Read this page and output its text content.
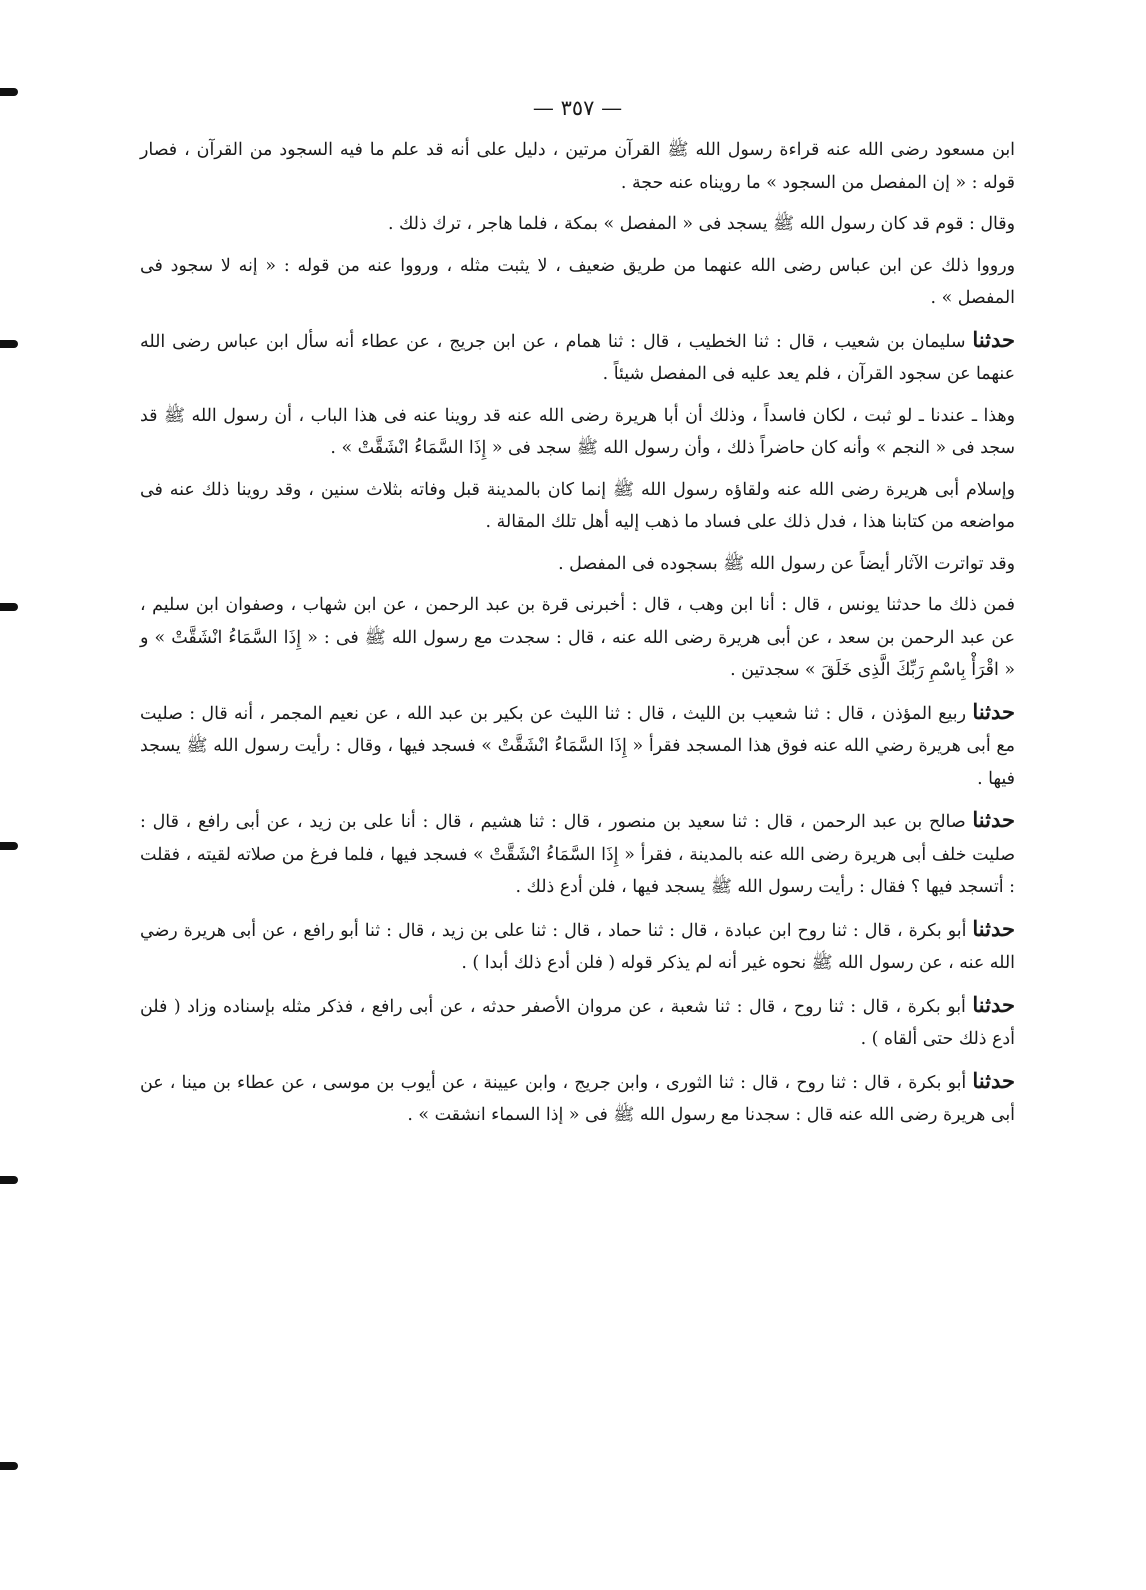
— ٣٥٧ —

ابن مسعود رضى الله عنه قراءة رسول الله ﷺ القرآن مرتين ، دليل على أنه قد علم ما فيه السجود من القرآن ، فصار قوله : « إن المفصل من السجود » ما رويناه عنه حجة .

وقال : قوم قد كان رسول الله ﷺ يسجد فى « المفصل » بمكة ، فلما هاجر ، ترك ذلك .

ورووا ذلك عن ابن عباس رضى الله عنهما من طريق ضعيف ، لا يثبت مثله ، ورووا عنه من قوله : « إنه لا سجود فى المفصل » .

حدثنا سليمان بن شعيب ، قال : ثنا الخطيب ، قال : ثنا همام ، عن ابن جريج ، عن عطاء أنه سأل ابن عباس رضى الله عنهما عن سجود القرآن ، فلم يعد عليه فى المفصل شيئاً .

وهذا ـ عندنا ـ لو ثبت ، لكان فاسداً ، وذلك أن أبا هريرة رضى الله عنه قد روينا عنه فى هذا الباب ، أن رسول الله ﷺ قد سجد فى « النجم » وأنه كان حاضراً ذلك ، وأن رسول الله ﷺ سجد فى « إِذَا السَّمَاءُ انْشَقَّتْ » .

وإسلام أبى هريرة رضى الله عنه ولقاؤه رسول الله ﷺ إنما كان بالمدينة قبل وفاته بثلاث سنين ، وقد روينا ذلك عنه فى مواضعه من كتابنا هذا ، فدل ذلك على فساد ما ذهب إليه أهل تلك المقالة .

وقد تواترت الآثار أيضاً عن رسول الله ﷺ بسجوده فى المفصل .

فمن ذلك ما حدثنا يونس ، قال : أنا ابن وهب ، قال : أخبرنى قرة بن عبد الرحمن ، عن ابن شهاب ، وصفوان ابن سليم ، عن عبد الرحمن بن سعد ، عن أبى هريرة رضى الله عنه ، قال : سجدت مع رسول الله ﷺ فى : « إِذَا السَّمَاءُ انْشَقَّتْ » و « اقْرَأْ بِاسْمِ رَبِّكَ الَّذِى خَلَقَ » سجدتين .

حدثنا ربيع المؤذن ، قال : ثنا شعيب بن الليث ، قال : ثنا الليث عن بكير بن عبد الله ، عن نعيم المجمر ، أنه قال : صليت مع أبى هريرة رضي الله عنه فوق هذا المسجد فقرأ « إِذَا السَّمَاءُ انْشَقَّتْ » فسجد فيها ، وقال : رأيت رسول الله ﷺ يسجد فيها .

حدثنا صالح بن عبد الرحمن ، قال : ثنا سعيد بن منصور ، قال : ثنا هشيم ، قال : أنا على بن زيد ، عن أبى رافع ، قال : صليت خلف أبى هريرة رضى الله عنه بالمدينة ، فقرأ « إِذَا السَّمَاءُ انْشَقَّتْ » فسجد فيها ، فلما فرغ من صلاته لقيته ، فقلت : أتسجد فيها ؟ فقال : رأيت رسول الله ﷺ يسجد فيها ، فلن أدع ذلك .

حدثنا أبو بكرة ، قال : ثنا روح ابن عبادة ، قال : ثنا حماد ، قال : ثنا على بن زيد ، قال : ثنا أبو رافع ، عن أبى هريرة رضي الله عنه ، عن رسول الله ﷺ نحوه غير أنه لم يذكر قوله ( فلن أدع ذلك أبدا ) .

حدثنا أبو بكرة ، قال : ثنا روح ، قال : ثنا شعبة ، عن مروان الأصفر حدثه ، عن أبى رافع ، فذكر مثله بإسناده وزاد ( فلن أدع ذلك حتى ألقاه ) .

حدثنا أبو بكرة ، قال : ثنا روح ، قال : ثنا الثورى ، وابن جريج ، وابن عيينة ، عن أيوب بن موسى ، عن عطاء بن مينا ، عن أبى هريرة رضى الله عنه قال : سجدنا مع رسول الله ﷺ فى « إذا السماء انشقت » .
